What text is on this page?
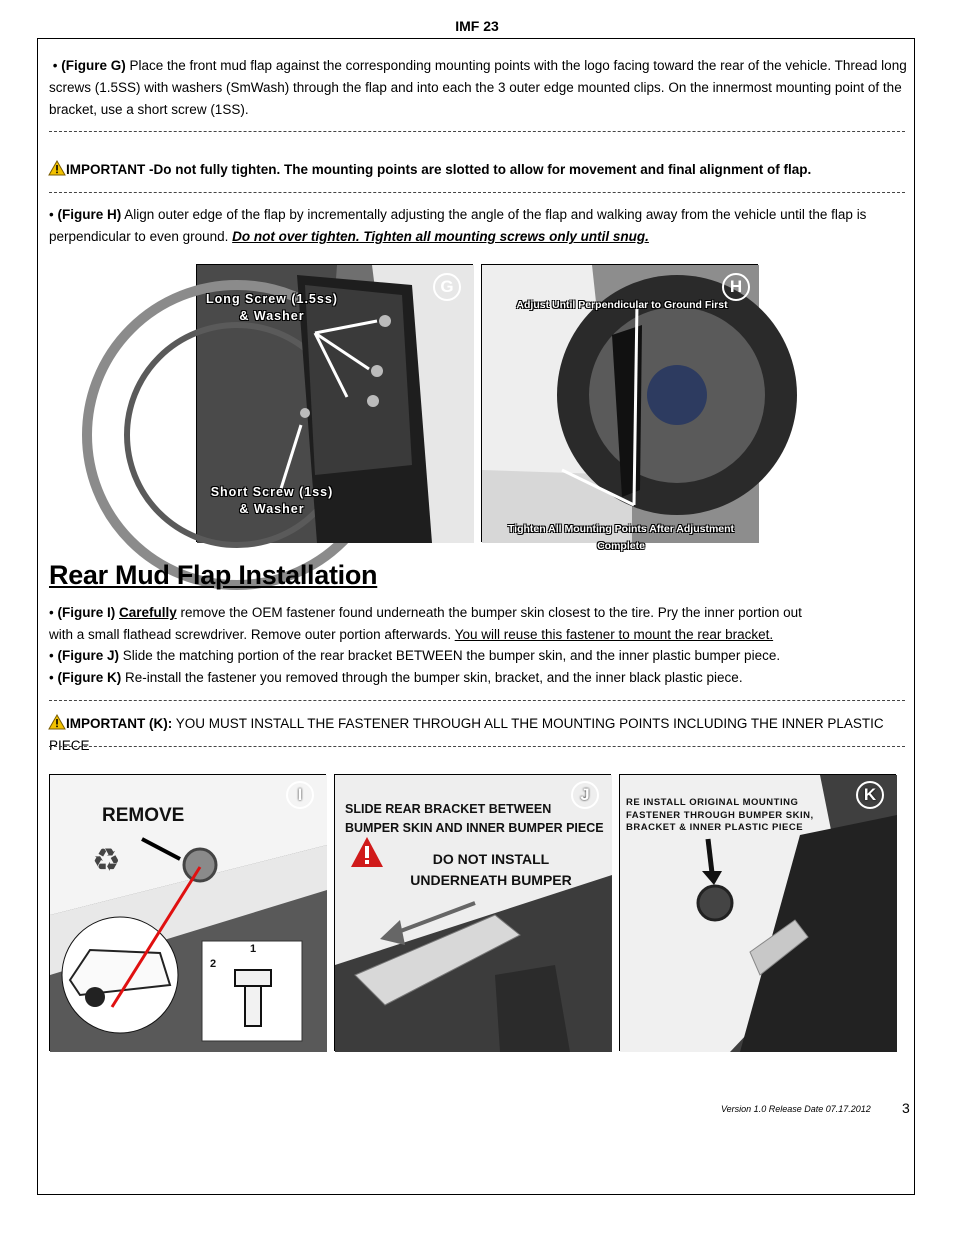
IMF 23
• (Figure G) Place the front mud flap against the corresponding mounting points with the logo facing toward the rear of the vehicle. Thread long screws (1.5SS) with washers (SmWash) through the flap and into each the 3 outer edge mounted clips. On the innermost mounting point of the bracket, use a short screw (1SS).
IMPORTANT -Do not fully tighten. The mounting points are slotted to allow for movement and final alignment of flap.
• (Figure H) Align outer edge of the flap by incrementally adjusting the angle of the flap and walking away from the vehicle until the flap is perpendicular to even ground. Do not over tighten. Tighten all mounting screws only until snug.
G
Long Screw (1.5ss)
& Washer
Short Screw (1ss)
& Washer
H
Adjust Until Perpendicular to Ground First
Tighten All Mounting Points After Adjustment Complete
Rear Mud Flap Installation
• (Figure I) Carefully remove the OEM fastener found underneath the bumper skin closest to the tire. Pry the inner portion out
with a small flathead screwdriver. Remove outer portion afterwards. You will reuse this fastener to mount the rear bracket.
• (Figure J) Slide the matching portion of the rear bracket BETWEEN the bumper skin, and the inner plastic bumper piece.
• (Figure K) Re-install the fastener you removed through the bumper skin, bracket, and the inner black plastic piece.
IMPORTANT (K): YOU MUST INSTALL THE FASTENER THROUGH ALL THE MOUNTING POINTS INCLUDING THE INNER PLASTIC PIECE
I
REMOVE
♻
1
2
J
SLIDE REAR BRACKET BETWEEN
BUMPER SKIN AND INNER BUMPER PIECE
DO NOT INSTALL
UNDERNEATH BUMPER
K
RE INSTALL ORIGINAL MOUNTING
FASTENER THROUGH BUMPER SKIN,
BRACKET & INNER PLASTIC PIECE
Version 1.0 Release Date 07.17.2012 3
